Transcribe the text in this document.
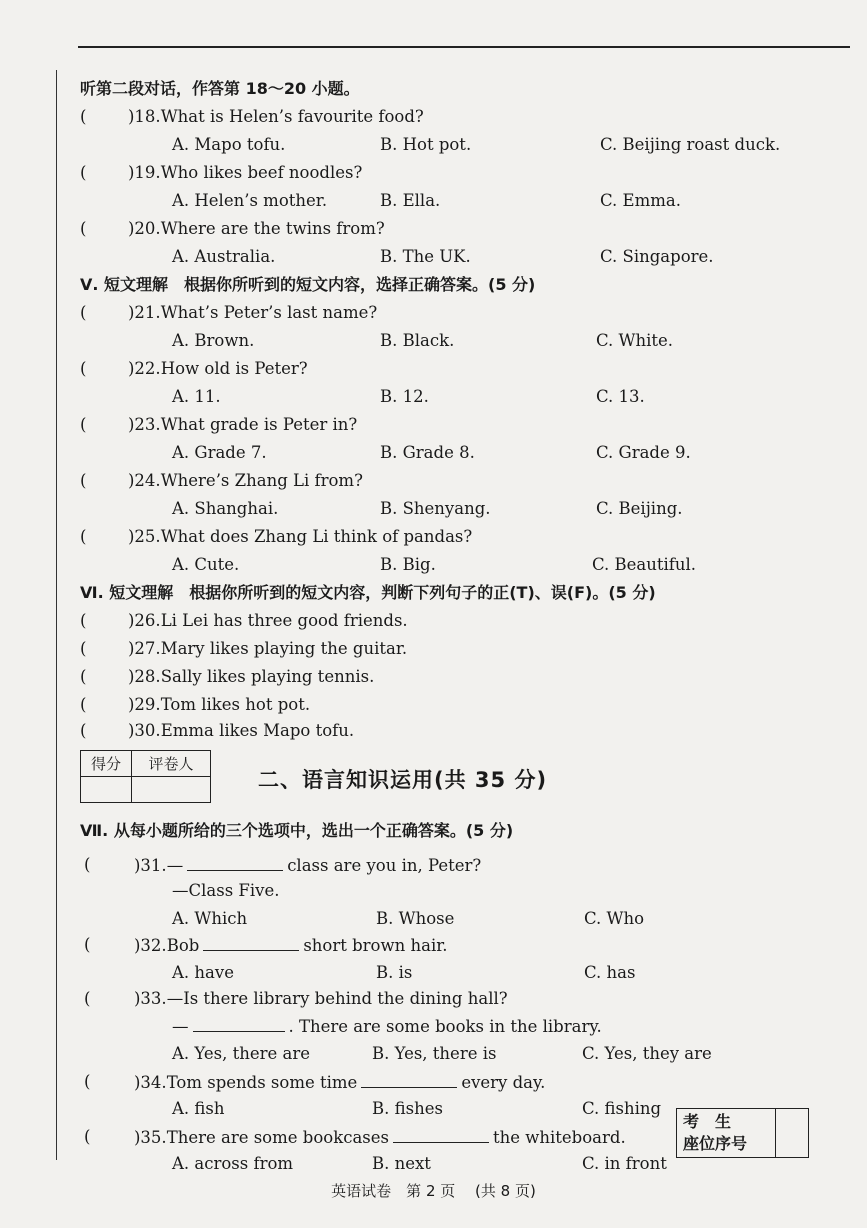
听第二段对话，作答第 18～20 小题。
(	)18.What is Helen’s favourite food?
A. Mapo tofu.	B. Hot pot.	C. Beijing roast duck.
(	)19.Who likes beef noodles?
A. Helen’s mother.	B. Ella.	C. Emma.
(	)20.Where are the twins from?
A. Australia.	B. The UK.	C. Singapore.
Ⅴ. 短文理解　根据你所听到的短文内容，选择正确答案。(5 分)
(	)21.What’s Peter’s last name?
A. Brown.	B. Black.	C. White.
(	)22.How old is Peter?
A. 11.	B. 12.	C. 13.
(	)23.What grade is Peter in?
A. Grade 7.	B. Grade 8.	C. Grade 9.
(	)24.Where’s Zhang Li from?
A. Shanghai.	B. Shenyang.	C. Beijing.
(	)25.What does Zhang Li think of pandas?
A. Cute.	B. Big.	C. Beautiful.
Ⅵ. 短文理解　根据你所听到的短文内容，判断下列句子的正(T)、误(F)。(5 分)
(	)26.Li Lei has three good friends.
(	)27.Mary likes playing the guitar.
(	)28.Sally likes playing tennis.
(	)29.Tom likes hot pot.
(	)30.Emma likes Mapo tofu.
得分	评卷人

二、语言知识运用(共 35 分)
Ⅶ. 从每小题所给的三个选项中，选出一个正确答案。(5 分)
(	)31.—	class are you in, Peter?
—Class Five.
A. Which	B. Whose	C. Who
(	)32.Bob	short brown hair.
A. have	B. is	C. has
(	)33.—Is there library behind the dining hall?
—	. There are some books in the library.
A. Yes, there are	B. Yes, there is	C. Yes, they are
(	)34.Tom spends some time	every day.
A. fish	B. fishes	C. fishing
(	)35.There are some bookcases	the whiteboard.
A. across from	B. next	C. in front
考　生
座位序号

英语试卷　第 2 页　 (共 8 页)
